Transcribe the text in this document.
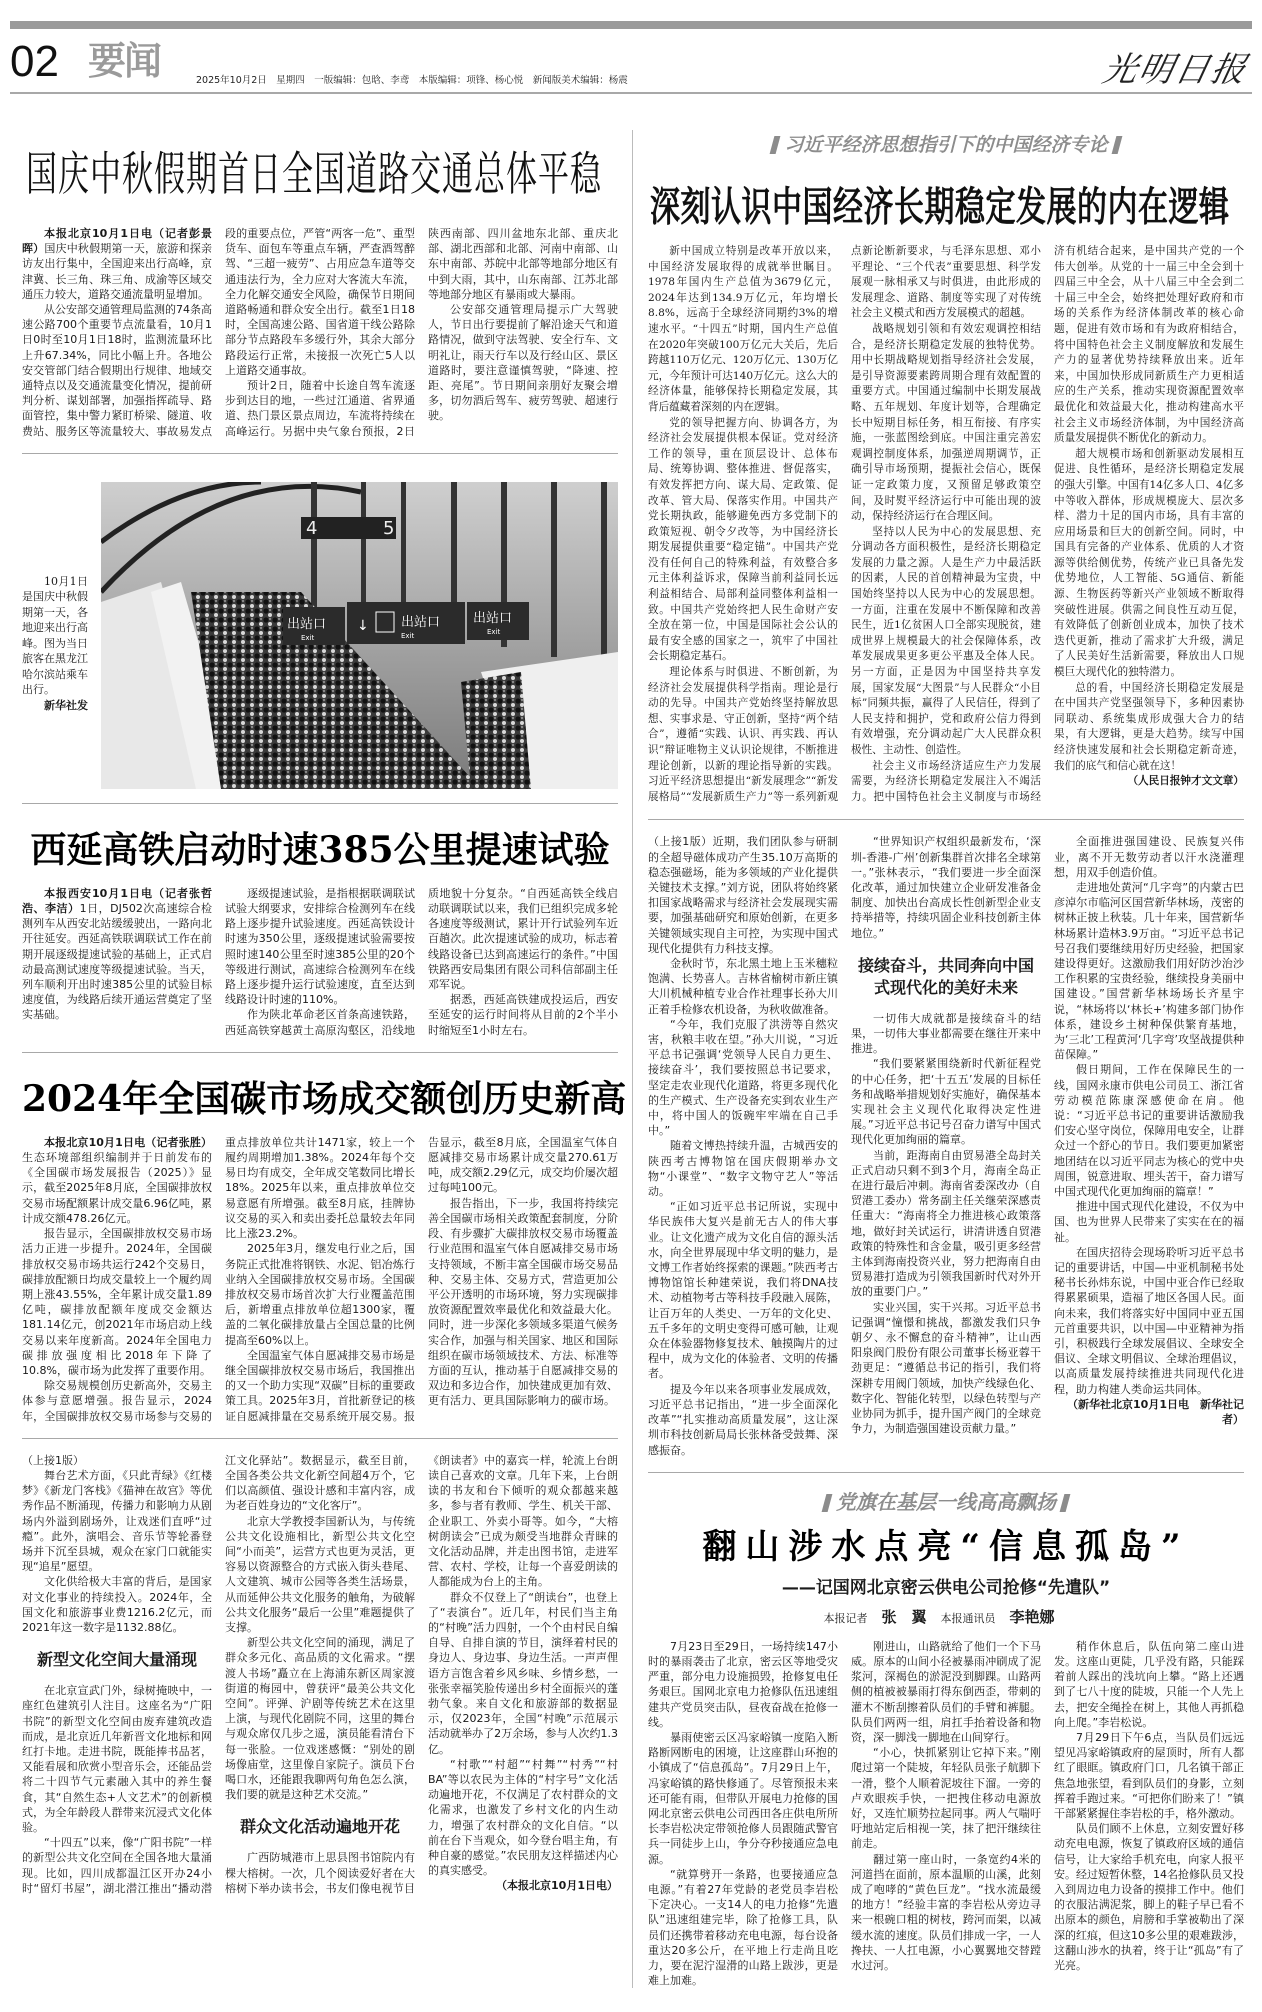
02 要闻	2025年10月2日　星期四　一版编辑：包晗、李鸢　本版编辑：项锋、杨心悦　新闻版美术编辑：杨震	光明日报
国庆中秋假期首日全国道路交通总体平稳

本报北京10月1日电（记者彭景晖）国庆中秋假期第一天，旅游和探亲访友出行集中，全国迎来出行高峰，京津冀、长三角、珠三角、成渝等区域交通压力较大，道路交通流量明显增加。

从公安部交通管理局监测的74条高速公路700个重要节点流量看，10月1日0时至10月1日18时，监测流量环比上升67.34%，同比小幅上升。各地公安交管部门结合假期出行规律、地域交通特点以及交通流量变化情况，提前研判分析、谋划部署，加强指挥疏导、路面管控，集中警力紧盯桥梁、隧道、收费站、服务区等流量较大、事故易发点段的重要点位，严管“两客一危”、重型货车、面包车等重点车辆，严查酒驾醉驾、“三超一疲劳”、占用应急车道等交通违法行为，全力应对大客流大车流，全力化解交通安全风险，确保节日期间道路畅通和群众安全出行。截至1日18时，全国高速公路、国省道干线公路除部分节点路段车多缓行外，其余大部分路段运行正常，未接报一次死亡5人以上道路交通事故。

预计2日，随着中长途自驾车流逐步到达目的地，一些过江通道、省界通道、热门景区景点周边，车流将持续在高峰运行。另据中央气象台预报，2日陕西南部、四川盆地东北部、重庆北部、湖北西部和北部、河南中南部、山东中南部、苏皖中北部等地部分地区有中到大雨，其中，山东南部、江苏北部等地部分地区有暴雨或大暴雨。

公安部交通管理局提示广大驾驶人，节日出行要提前了解沿途天气和道路情况，做到守法驾驶、安全行车、文明礼让，雨天行车以及行经山区、景区道路时，要注意谨慎驾驶，“降速、控距、亮尾”。节日期间亲朋好友聚会增多，切勿酒后驾车、疲劳驾驶、超速行驶。

10月1日是国庆中秋假期第一天，各地迎来出行高峰。图为当日旅客在黑龙江哈尔滨站乘车出行。

新华社发

4	5
出站口
Exit
↓ 出站口
Exit
出站口
Exit
西延高铁启动时速385公里提速试验

本报西安10月1日电（记者张哲浩、李洁）1日，DJ502次高速综合检测列车从西安北站缓缓驶出，一路向北开往延安。西延高铁联调联试工作在前期开展逐级提速试验的基础上，正式启动最高测试速度等级提速试验。当天，列车顺利开出时速385公里的试验目标速度值，为线路后续开通运营奠定了坚实基础。

逐级提速试验，是指根据联调联试试验大纲要求，安排综合检测列车在线路上逐步提升试验速度。西延高铁设计时速为350公里，逐级提速试验需要按照时速140公里至时速385公里的20个等级进行测试，高速综合检测列车在线路上逐步提升运行试验速度，直至达到线路设计时速的110%。

作为陕北革命老区首条高速铁路，西延高铁穿越黄土高原沟壑区，沿线地质地貌十分复杂。“自西延高铁全线启动联调联试以来，我们已组织完成多轮各速度等级测试，累计开行试验列车近百趟次。此次提速试验的成功，标志着线路设备已达到高速运行的条件。”中国铁路西安局集团有限公司科信部副主任邓军说。

据悉，西延高铁建成投运后，西安至延安的运行时间将从目前的2个半小时缩短至1小时左右。

2024年全国碳市场成交额创历史新高

本报北京10月1日电（记者张胜）生态环境部组织编制并于日前发布的《全国碳市场发展报告（2025）》显示，截至2025年8月底，全国碳排放权交易市场配额累计成交量6.96亿吨，累计成交额478.26亿元。

报告显示，全国碳排放权交易市场活力正进一步提升。2024年，全国碳排放权交易市场共运行242个交易日，碳排放配额日均成交量较上一个履约周期上涨43.55%，全年累计成交量1.89亿吨，碳排放配额年度成交金额达181.14亿元，创2021年市场启动上线交易以来年度新高。2024年全国电力碳排放强度相比2018年下降了10.8%，碳市场为此发挥了重要作用。

除交易规模创历史新高外，交易主体参与意愿增强。报告显示，2024年，全国碳排放权交易市场参与交易的重点排放单位共计1471家，较上一个履约周期增加1.38%。2024年每个交易日均有成交，全年成交笔数同比增长18%。2025年以来，重点排放单位交易意愿有所增强。截至8月底，挂牌协议交易的买入和卖出委托总量较去年同比上涨23.2%。

2025年3月，继发电行业之后，国务院正式批准将钢铁、水泥、铝冶炼行业纳入全国碳排放权交易市场。全国碳排放权交易市场首次扩大行业覆盖范围后，新增重点排放单位超1300家，覆盖的二氧化碳排放量占全国总量的比例提高至60%以上。

全国温室气体自愿减排交易市场是继全国碳排放权交易市场后，我国推出的又一个助力实现“双碳”目标的重要政策工具。2025年3月，首批新登记的核证自愿减排量在交易系统开展交易。报告显示，截至8月底，全国温室气体自愿减排交易市场累计成交量270.61万吨，成交额2.29亿元，成交均价屡次超过每吨100元。

报告指出，下一步，我国将持续完善全国碳市场相关政策配套制度，分阶段、有步骤扩大碳排放权交易市场覆盖行业范围和温室气体自愿减排交易市场支持领域，不断丰富全国碳市场交易品种、交易主体、交易方式，营造更加公平公开透明的市场环境，努力实现碳排放资源配置效率最优化和效益最大化。同时，进一步深化多领域多渠道气候务实合作，加强与相关国家、地区和国际组织在碳市场领域技术、方法、标准等方面的互认，推动基于自愿减排交易的双边和多边合作，加快建成更加有效、更有活力、更具国际影响力的碳市场。

（上接1版）

舞台艺术方面，《只此青绿》《红楼梦》《新龙门客栈》《猫神在故宫》等优秀作品不断涌现，传播力和影响力从剧场内外溢到剧场外，让戏迷们直呼“过瘾”。此外，演唱会、音乐节等轮番登场并下沉至县城，观众在家门口就能实现“追星”愿望。

文化供给极大丰富的背后，是国家对文化事业的持续投入。2024年，全国文化和旅游事业费1216.2亿元，而2021年这一数字是1132.88亿。

新型文化空间大量涌现

在北京宣武门外，绿树掩映中，一座红色建筑引人注目。这座名为“广阳书院”的新型文化空间由废弃建筑改造而成，是北京近几年新晋文化地标和网红打卡地。走进书院，既能捧书品茗，又能看展和欣赏小型音乐会，还能品尝将二十四节气元素融入其中的养生餐食，其“自然生态+人文艺术”的创新模式，为全年龄段人群带来沉浸式文化体验。

“十四五”以来，像“广阳书院”一样的新型公共文化空间在全国各地大量涌现。比如，四川成都温江区开办24小时“留灯书屋”，湖北潜江推出“播动潜江文化驿站”。数据显示，截至目前，全国各类公共文化新空间超4万个，它们以高颜值、强设计感和丰富内容，成为老百姓身边的“文化客厅”。

北京大学教授李国新认为，与传统公共文化设施相比，新型公共文化空间“小而美”，运营方式也更为灵活，更容易以资源整合的方式嵌入街头巷尾、人文建筑、城市公园等各类生活场景，从而延伸公共文化服务的触角，为破解公共文化服务“最后一公里”难题提供了支撑。

新型公共文化空间的涌现，满足了群众多元化、高品质的文化需求。“摆渡人书场”矗立在上海浦东新区周家渡街道的梅园中，曾获评“最美公共文化空间”。评弹、沪剧等传统艺术在这里上演，与现代化剧院不同，这里的舞台与观众席仅几步之遥，演员能看清台下每一张脸。一位戏迷感慨：“别处的剧场像庙堂，这里像自家院子。演员下台喝口水，还能跟我聊两句角色怎么演，我们要的就是这种艺术交流。”

群众文化活动遍地开花

广西防城港市上思县图书馆院内有棵大榕树。一次，几个阅读爱好者在大榕树下举办读书会，书友们像电视节目《朗读者》中的嘉宾一样，轮流上台朗读自己喜欢的文章。几年下来，上台朗读的书友和台下倾听的观众都越来越多，参与者有教师、学生、机关干部、企业职工、外卖小哥等。如今，“大榕树朗读会”已成为颇受当地群众青睐的文化活动品牌，并走出图书馆，走进军营、农村、学校，让每一个喜爱朗读的人都能成为台上的主角。

群众不仅登上了“朗读台”，也登上了“表演台”。近几年，村民们当主角的“村晚”活力四射，一个个由村民自编自导、自排自演的节目，演绎着村民的身边人、身边事、身边生活。一声声俚语方言饱含着乡风乡味、乡情乡愁，一张张幸福笑脸传递出乡村全面振兴的蓬勃气象。来自文化和旅游部的数据显示，仅2023年，全国“村晚”示范展示活动就举办了2万余场，参与人次约1.3亿。

“村歌”“村超”“村舞”“村秀”“村BA”等以农民为主体的“村字号”文化活动遍地开花，不仅满足了农村群众的文化需求，也激发了乡村文化的内生动力，增强了农村群众的文化自信。“以前在台下当观众，如今登台唱主角，有种自豪的感觉。”农民朋友这样描述内心的真实感受。

（本报北京10月1日电）

习近平经济思想指引下的中国经济专论
深刻认识中国经济长期稳定发展的内在逻辑

新中国成立特别是改革开放以来，中国经济发展取得的成就举世瞩目。1978年国内生产总值为3679亿元，2024年达到134.9万亿元，年均增长8.8%，远高于全球经济同期约3%的增速水平。“十四五”时期，国内生产总值在2020年突破100万亿元大关后，先后跨越110万亿元、120万亿元、130万亿元，今年预计可达140万亿元。这么大的经济体量，能够保持长期稳定发展，其背后蕴藏着深刻的内在逻辑。

党的领导把握方向、协调各方，为经济社会发展提供根本保证。党对经济工作的领导，重在顶层设计、总体布局、统筹协调、整体推进、督促落实，有效发挥把方向、谋大局、定政策、促改革、管大局、保落实作用。中国共产党长期执政，能够避免西方多党制下的政策短视、朝令夕改等，为中国经济长期发展提供重要“稳定锚”。中国共产党没有任何自己的特殊利益，有效整合多元主体利益诉求，保障当前利益同长远利益相结合、局部利益同整体利益相一致。中国共产党始终把人民生命财产安全放在第一位，中国是国际社会公认的最有安全感的国家之一，筑牢了中国社会长期稳定基石。

理论体系与时俱进、不断创新，为经济社会发展提供科学指南。理论是行动的先导。中国共产党始终坚持解放思想、实事求是、守正创新，坚持“两个结合”，遵循“实践、认识、再实践、再认识”辩证唯物主义认识论规律，不断推进理论创新，以新的理论指导新的实践。习近平经济思想提出“新发展理念”“新发展格局”“发展新质生产力”等一系列新观点新论断新要求，与毛泽东思想、邓小平理论、“三个代表”重要思想、科学发展观一脉相承又与时俱进，由此形成的发展理念、道路、制度等实现了对传统社会主义模式和西方发展模式的超越。

战略规划引领和有效宏观调控相结合，是经济长期稳定发展的独特优势。用中长期战略规划指导经济社会发展，是引导资源要素跨周期合理有效配置的重要方式。中国通过编制中长期发展战略、五年规划、年度计划等，合理确定长中短期目标任务，相互衔接、有序实施，一张蓝图绘到底。中国注重完善宏观调控制度体系，加强逆周期调节，正确引导市场预期，提振社会信心，既保证一定政策力度，又预留足够政策空间，及时熨平经济运行中可能出现的波动，保持经济运行在合理区间。

坚持以人民为中心的发展思想、充分调动各方面积极性，是经济长期稳定发展的力量之源。人是生产力中最活跃的因素，人民的首创精神最为宝贵，中国始终坚持以人民为中心的发展思想。一方面，注重在发展中不断保障和改善民生，近1亿贫困人口全部实现脱贫，建成世界上规模最大的社会保障体系，改革发展成果更多更公平惠及全体人民。另一方面，正是因为中国坚持共享发展，国家发展“大图景”与人民群众“小目标”同频共振，赢得了人民信任，得到了人民支持和拥护，党和政府公信力得到有效增强，充分调动起广大人民群众积极性、主动性、创造性。

社会主义市场经济适应生产力发展需要，为经济长期稳定发展注入不竭活力。把中国特色社会主义制度与市场经济有机结合起来，是中国共产党的一个伟大创举。从党的十一届三中全会到十四届三中全会，从十八届三中全会到二十届三中全会，始终把处理好政府和市场的关系作为经济体制改革的核心命题，促进有效市场和有为政府相结合，将中国特色社会主义制度解放和发展生产力的显著优势持续释放出来。近年来，中国加快形成同新质生产力更相适应的生产关系，推动实现资源配置效率最优化和效益最大化，推动构建高水平社会主义市场经济体制，为中国经济高质量发展提供不断优化的新动力。

超大规模市场和创新驱动发展相互促进、良性循环，是经济长期稳定发展的强大引擎。中国有14亿多人口、4亿多中等收入群体，形成规模庞大、层次多样、潜力十足的国内市场，具有丰富的应用场景和巨大的创新空间。同时，中国具有完备的产业体系、优质的人才资源等供给侧优势，传统产业已具备先发优势地位，人工智能、5G通信、新能源、生物医药等新兴产业领域不断取得突破性进展。供需之间良性互动互促，有效降低了创新创业成本，加快了技术迭代更新，推动了需求扩大升级，满足了人民美好生活新需要，释放出人口规模巨大现代化的独特潜力。

总的看，中国经济长期稳定发展是在中国共产党坚强领导下，多种因素协同联动、系统集成形成强大合力的结果，有大逻辑，更是大趋势。续写中国经济快速发展和社会长期稳定新奇迹，我们的底气和信心就在这！

（人民日报钟才文文章）

（上接1版）近期，我们团队参与研制的全超导磁体成功产生35.10万高斯的稳态强磁场，能为多领域的产业化提供关键技术支撑。”刘方说，团队将始终紧扣国家战略需求与经济社会发展现实需要，加强基础研究和原始创新，在更多关键领域实现自主可控，为实现中国式现代化提供有力科技支撑。

金秋时节，东北黑土地上玉米穗粒饱满、长势喜人。吉林省榆树市新庄镇大川机械种植专业合作社理事长孙大川正着手检修农机设备，为秋收做准备。

“今年，我们克服了洪涝等自然灾害，秋粮丰收在望。”孙大川说，“习近平总书记强调‘党领导人民自力更生、接续奋斗’，我们要按照总书记要求，坚定走农业现代化道路，将更多现代化的生产模式、生产设备充实到农业生产中，将中国人的饭碗牢牢端在自己手中。”

随着文博热持续升温，古城西安的陕西考古博物馆在国庆假期举办文物“小课堂”、“数字文物守艺人”等活动。

“正如习近平总书记所说，实现中华民族伟大复兴是前无古人的伟大事业。让文化遗产成为文化自信的源头活水，向全世界展现中华文明的魅力，是文博工作者始终探索的课题。”陕西考古博物馆馆长种建荣说，我们将DNA技术、动植物考古等科技手段融入展陈，让百万年的人类史、一万年的文化史、五千多年的文明史变得可感可触，让观众在体验器物修复技术、触摸陶片的过程中，成为文化的体验者、文明的传播者。

提及今年以来各项事业发展成效，习近平总书记指出，“进一步全面深化改革”“扎实推动高质量发展”，这让深圳市科技创新局局长张林备受鼓舞、深感振奋。

“世界知识产权组织最新发布，‘深圳-香港-广州’创新集群首次排名全球第一。”张林表示，“我们要进一步全面深化改革，通过加快建立企业研发准备金制度、加快出台高成长性创新型企业支持举措等，持续巩固企业科技创新主体地位。”

接续奋斗，共同奔向中国式现代化的美好未来

一切伟大成就都是接续奋斗的结果，一切伟大事业都需要在继往开来中推进。

“我们要紧紧围绕新时代新征程党的中心任务，把‘十五五’发展的目标任务和战略举措规划好实施好，确保基本实现社会主义现代化取得决定性进展。”习近平总书记号召奋力谱写中国式现代化更加绚丽的篇章。

当前，距海南自由贸易港全岛封关正式启动只剩不到3个月，海南全岛正在进行最后冲刺。海南省委深改办（自贸港工委办）常务副主任关继荣深感责任重大：“海南将全力推进核心政策落地，做好封关试运行，讲清讲透自贸港政策的特殊性和含金量，吸引更多经营主体到海南投资兴业，努力把海南自由贸易港打造成为引领我国新时代对外开放的重要门户。”

实业兴国，实干兴邦。习近平总书记强调“憧憬和挑战，都激发我们只争朝夕、永不懈怠的奋斗精神”，让山西阳泉阀门股份有限公司董事长杨亚蓉干劲更足：“遵循总书记的指引，我们将深耕专用阀门领域，加快产线绿色化、数字化、智能化转型，以绿色转型与产业协同为抓手，提升国产阀门的全球竞争力，为制造强国建设贡献力量。”

全面推进强国建设、民族复兴伟业，离不开无数劳动者以汗水浇灌理想，用双手创造价值。

走进地处黄河“几字弯”的内蒙古巴彦淖尔市临河区国营新华林场，茂密的树林正披上秋装。几十年来，国营新华林场累计造林3.9万亩。“习近平总书记号召我们要继续用好历史经验，把国家建设得更好。这激励我们用好防沙治沙工作积累的宝贵经验，继续投身美丽中国建设。”国营新华林场场长齐星宇说，“林场将以‘林长+’构建多部门协作体系，建设乡土树种保供繁育基地，为‘三北’工程黄河‘几字弯’攻坚战提供种苗保障。”

假日期间，工作在保障民生的一线，国网永康市供电公司员工、浙江省劳动模范陈康深感使命在肩。他说：“习近平总书记的重要讲话激励我们安心坚守岗位，保障用电安全，让群众过一个舒心的节日。我们要更加紧密地团结在以习近平同志为核心的党中央周围，锐意进取、埋头苦干，奋力谱写中国式现代化更加绚丽的篇章！”

推进中国式现代化建设，不仅为中国、也为世界人民带来了实实在在的福祉。

在国庆招待会现场聆听习近平总书记的重要讲话，中国—中亚机制秘书处秘书长孙炜东说，中国中亚合作已经取得累累硕果，造福了地区各国人民。面向未来，我们将落实好中国同中亚五国元首重要共识，以中国—中亚精神为指引，积极践行全球发展倡议、全球安全倡议、全球文明倡议、全球治理倡议，以高质量发展持续推进共同现代化进程，助力构建人类命运共同体。

（新华社北京10月1日电　新华社记者）

党旗在基层一线高高飘扬
翻山涉水点亮“信息孤岛”
——记国网北京密云供电公司抢修“先遣队”
本报记者 张　翼 本报通讯员 李艳娜

7月23日至29日，一场持续147小时的暴雨袭击了北京，密云区等地受灾严重，部分电力设施损毁，抢修复电任务艰巨。国网北京电力抢修队伍迅速组建共产党员突击队，昼夜奋战在抢修一线。

暴雨使密云区冯家峪镇一度陷入断路断网断电的困境，让这座群山环抱的小镇成了“信息孤岛”。7月29日上午，冯家峪镇的路快修通了。尽管预报未来还可能有雨，但带队开展电力抢修的国网北京密云供电公司西田各庄供电所所长李岩松决定带领抢修人员跟随武警官兵一同徒步上山，争分夺秒接通应急电源。

“就算劈开一条路，也要接通应急电源。”有着27年党龄的老党员李岩松下定决心。一支14人的电力抢修“先遣队”迅速组建完毕，除了抢修工具，队员们还携带着移动充电电源，每台设备重达20多公斤，在平地上行走尚且吃力，要在泥泞湿滑的山路上跋涉，更是难上加难。

刚进山，山路就给了他们一个下马威。原本的山间小径被暴雨冲刷成了泥浆河，深褐色的淤泥没到脚踝。山路两侧的植被被暴雨打得东倒西歪，带刺的灌木不断刮擦着队员们的手臂和裤腿。队员们两两一组，肩扛手抬着设备和物资，深一脚浅一脚地在山间穿行。

“小心，快抓紧别让它掉下来。”刚爬过第一个陡坡，年轻队员张子航脚下一滑，整个人顺着泥坡往下溜。一旁的卢欢眼疾手快，一把拽住移动电源放好，又连忙顺势拉起同事。两人气喘吁吁地站定后相视一笑，抹了把汗继续往前走。

翻过第一座山时，一条宽约4米的河道挡在面前，原本温顺的山溪，此刻成了咆哮的“黄色巨龙”。“找水流最缓的地方！”经验丰富的李岩松从旁边寻来一根碗口粗的树枝，跨河而架，以减缓水流的速度。队员们排成一字，一人搀扶、一人扛电源，小心翼翼地交替蹚水过河。

稍作休息后，队伍向第二座山进发。这座山更陡，几乎没有路，只能踩着前人踩出的浅坑向上攀。“路上还遇到了七八十度的陡坡，只能一个人先上去，把安全绳拴在树上，其他人再抓稳向上爬。”李岩松说。

7月29日下午6点，当队员们远远望见冯家峪镇政府的屋顶时，所有人都红了眼眶。镇政府门口，几名镇干部正焦急地张望，看到队员们的身影，立刻挥着手跑过来。“可把你们盼来了！”镇干部紧紧握住李岩松的手，格外激动。

队员们顾不上休息，立刻安置好移动充电电源，恢复了镇政府区域的通信信号，让大家给手机充电，向家人报平安。经过短暂休整，14名抢修队员又投入到周边电力设备的摸排工作中。他们的衣服沾满泥浆，脚上的鞋子早已看不出原本的颜色，肩膀和手掌被勒出了深深的红痕，但这10多公里的艰难跋涉，这翻山涉水的执着，终于让“孤岛”有了光亮。
